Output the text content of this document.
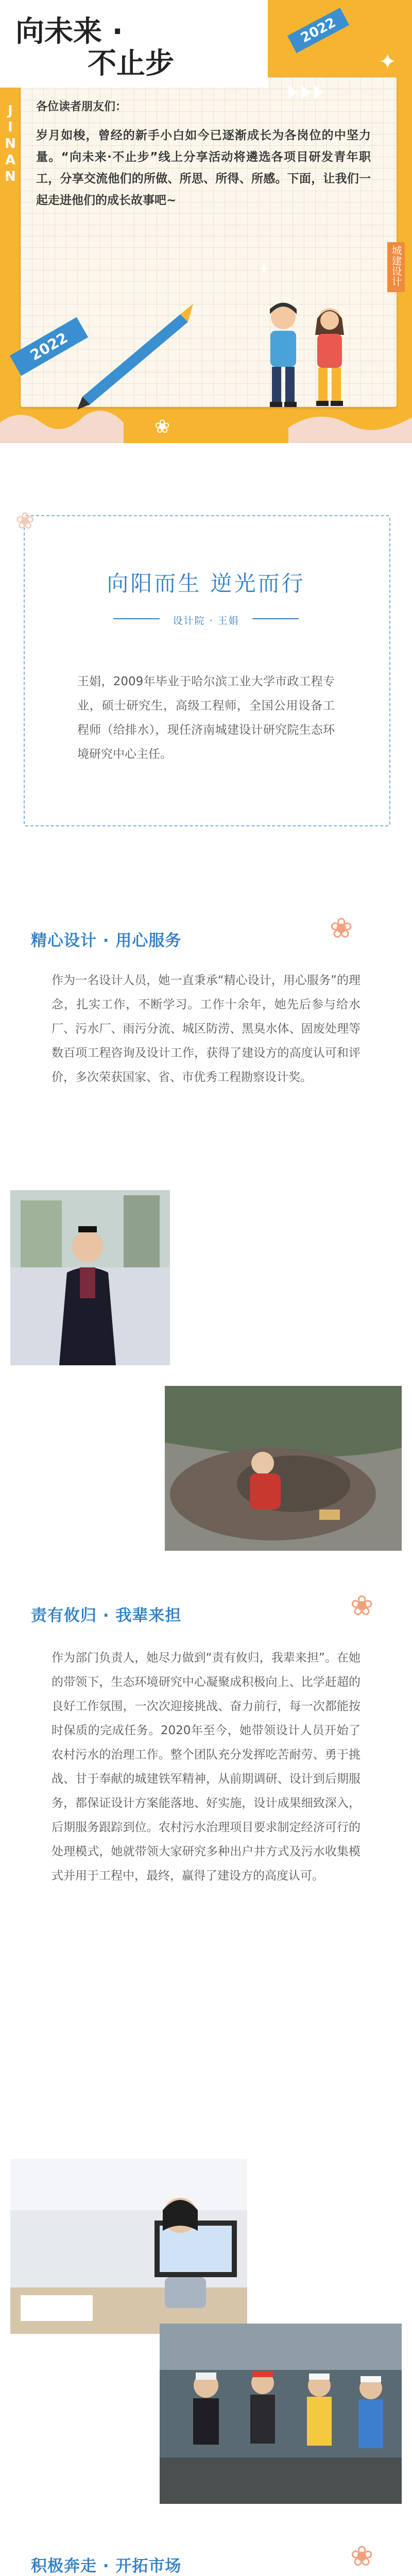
向未来 ·
不止步
2022
JINAN
城建设计
✦
✦
各位读者朋友们：
岁月如梭，曾经的新手小白如今已逐渐成长为各岗位的中坚力量。“向未来·不止步”线上分享活动将遴选各项目研发青年职工，分享交流他们的所做、所思、所得、所感。下面，让我们一起走进他们的成长故事吧~
2022
❀
❀
向阳而生 逆光而行
设计院 · 王娟
王娟，2009年毕业于哈尔滨工业大学市政工程专业，硕士研究生，高级工程师，全国公用设备工程师（给排水），现任济南城建设计研究院生态环境研究中心主任。
精心设计 · 用心服务	❀
作为一名设计人员，她一直秉承“精心设计，用心服务”的理念，扎实工作，不断学习。工作十余年，她先后参与给水厂、污水厂、雨污分流、城区防涝、黑臭水体、固废处理等数百项工程咨询及设计工作，获得了建设方的高度认可和评价，多次荣获国家、省、市优秀工程勘察设计奖。
责有攸归 · 我辈来担	❀
作为部门负责人，她尽力做到“责有攸归，我辈来担”。在她的带领下，生态环境研究中心凝聚成积极向上、比学赶超的良好工作氛围，一次次迎接挑战、奋力前行，每一次都能按时保质的完成任务。2020年至今，她带领设计人员开始了农村污水的治理工作。整个团队充分发挥吃苦耐劳、勇于挑战、甘于奉献的城建铁军精神，从前期调研、设计到后期服务，都保证设计方案能落地、好实施，设计成果细致深入，后期服务跟踪到位。农村污水治理项目要求制定经济可行的处理模式，她就带领大家研究多种出户井方式及污水收集模式并用于工程中，最终，赢得了建设方的高度认可。
积极奔走 · 开拓市场	❀
